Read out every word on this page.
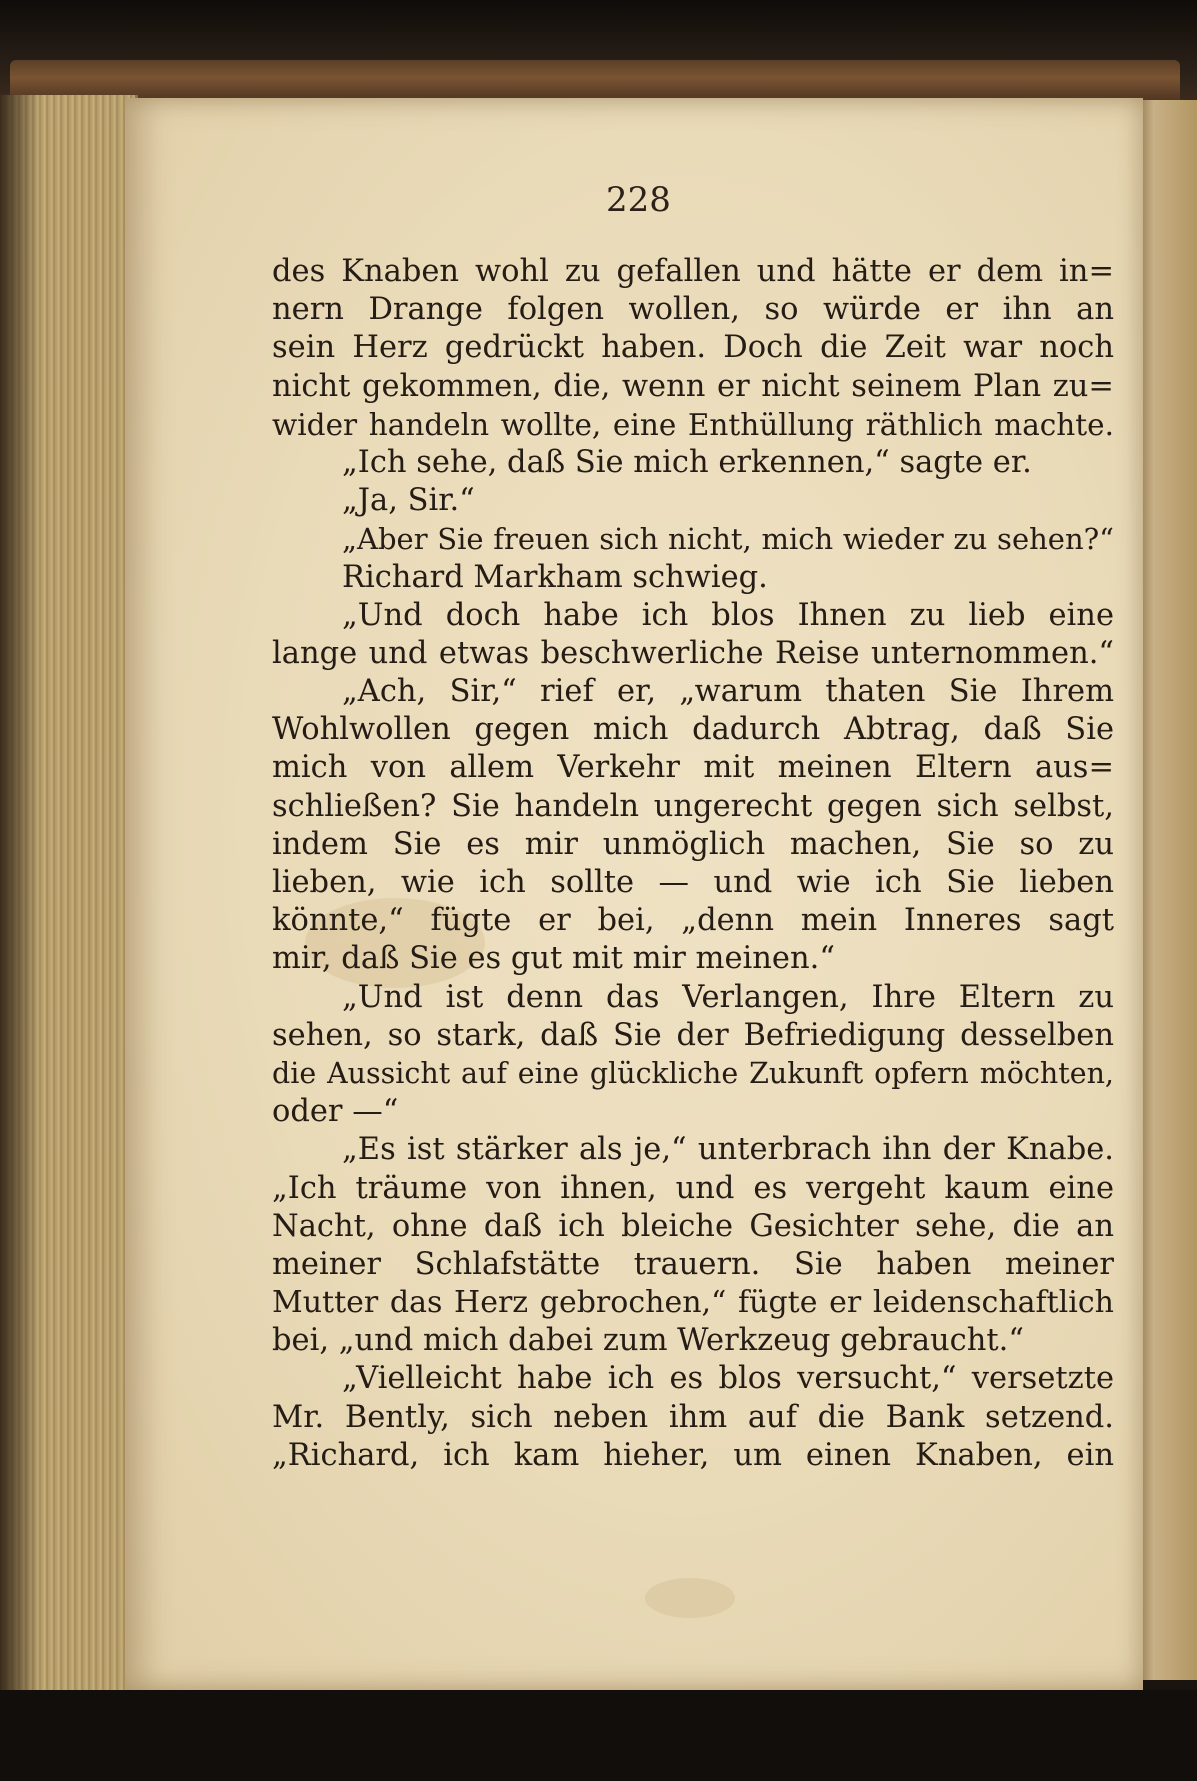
228
des Knaben wohl zu gefallen und hätte er dem in=
nern Drange folgen wollen, so würde er ihn an
sein Herz gedrückt haben. Doch die Zeit war noch
nicht gekommen, die, wenn er nicht seinem Plan zu=
wider handeln wollte, eine Enthüllung räthlich machte.
„Ich sehe, daß Sie mich erkennen,“ sagte er.
„Ja, Sir.“
„Aber Sie freuen sich nicht, mich wieder zu sehen?“
Richard Markham schwieg.
„Und doch habe ich blos Ihnen zu lieb eine
lange und etwas beschwerliche Reise unternommen.“
„Ach, Sir,“ rief er, „warum thaten Sie Ihrem
Wohlwollen gegen mich dadurch Abtrag, daß Sie
mich von allem Verkehr mit meinen Eltern aus=
schließen? Sie handeln ungerecht gegen sich selbst,
indem Sie es mir unmöglich machen, Sie so zu
lieben, wie ich sollte — und wie ich Sie lieben
könnte,“ fügte er bei, „denn mein Inneres sagt
mir, daß Sie es gut mit mir meinen.“
„Und ist denn das Verlangen, Ihre Eltern zu
sehen, so stark, daß Sie der Befriedigung desselben
die Aussicht auf eine glückliche Zukunft opfern möchten,
oder —“
„Es ist stärker als je,“ unterbrach ihn der Knabe.
„Ich träume von ihnen, und es vergeht kaum eine
Nacht, ohne daß ich bleiche Gesichter sehe, die an
meiner Schlafstätte trauern. Sie haben meiner
Mutter das Herz gebrochen,“ fügte er leidenschaftlich
bei, „und mich dabei zum Werkzeug gebraucht.“
„Vielleicht habe ich es blos versucht,“ versetzte
Mr. Bently, sich neben ihm auf die Bank setzend.
„Richard, ich kam hieher, um einen Knaben, ein
